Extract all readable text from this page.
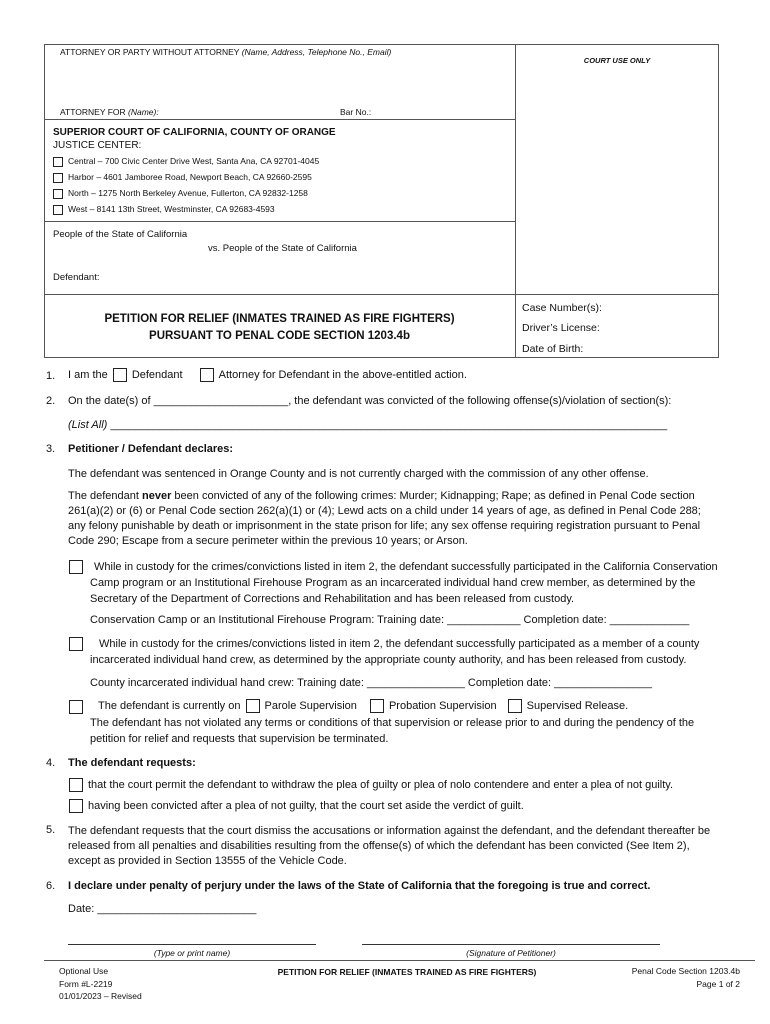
ATTORNEY OR PARTY WITHOUT ATTORNEY (Name, Address, Telephone No., Email)
COURT USE ONLY
ATTORNEY FOR (Name):	Bar No.:
SUPERIOR COURT OF CALIFORNIA, COUNTY OF ORANGE
JUSTICE CENTER:
Central – 700 Civic Center Drive West, Santa Ana, CA 92701-4045
Harbor – 4601 Jamboree Road, Newport Beach, CA 92660-2595
North – 1275 North Berkeley Avenue, Fullerton, CA 92832-1258
West – 8141 13th Street, Westminster, CA 92683-4593
People of the State of California
vs. People of the State of California
Defendant:
PETITION FOR RELIEF (INMATES TRAINED AS FIRE FIGHTERS)
PURSUANT TO PENAL CODE SECTION 1203.4b
Case Number(s):
Driver’s License:
Date of Birth:
1. I am the Defendant	Attorney for Defendant in the above-entitled action.
2. On the date(s) of ______________________, the defendant was convicted of the following offense(s)/violation of section(s):
(List All) ___________________________________________________________________________________________
3. Petitioner / Defendant declares:
The defendant was sentenced in Orange County and is not currently charged with the commission of any other offense.
The defendant never been convicted of any of the following crimes: Murder; Kidnapping; Rape; as defined in Penal Code section 261(a)(2) or (6) or Penal Code section 262(a)(1) or (4); Lewd acts on a child under 14 years of age, as defined in Penal Code 288; any felony punishable by death or imprisonment in the state prison for life; any sex offense requiring registration pursuant to Penal Code 290; Escape from a secure perimeter within the previous 10 years; or Arson.
While in custody for the crimes/convictions listed in item 2, the defendant successfully participated in the California Conservation Camp program or an Institutional Firehouse Program as an incarcerated individual hand crew member, as determined by the Secretary of the Department of Corrections and Rehabilitation and has been released from custody.
Conservation Camp or an Institutional Firehouse Program: Training date: ____________ Completion date: _____________
While in custody for the crimes/convictions listed in item 2, the defendant successfully participated as a member of a county incarcerated individual hand crew, as determined by the appropriate county authority, and has been released from custody.
County incarcerated individual hand crew: Training date: ________________ Completion date: ________________
The defendant is currently on Parole Supervision	Probation Supervision	Supervised Release.
The defendant has not violated any terms or conditions of that supervision or release prior to and during the pendency of the petition for relief and requests that supervision be terminated.
4. The defendant requests:
that the court permit the defendant to withdraw the plea of guilty or plea of nolo contendere and enter a plea of not guilty.
having been convicted after a plea of not guilty, that the court set aside the verdict of guilt.
5. The defendant requests that the court dismiss the accusations or information against the defendant, and the defendant thereafter be released from all penalties and disabilities resulting from the offense(s) of which the defendant has been convicted (See Item 2), except as provided in Section 13555 of the Vehicle Code.
6. I declare under penalty of perjury under the laws of the State of California that the foregoing is true and correct.
Date: __________________________
(Type or print name)	(Signature of Petitioner)
Optional Use
Form #L-2219
01/01/2023 – Revised
PETITION FOR RELIEF (INMATES TRAINED AS FIRE FIGHTERS)	Penal Code Section 1203.4b
Page 1 of 2
